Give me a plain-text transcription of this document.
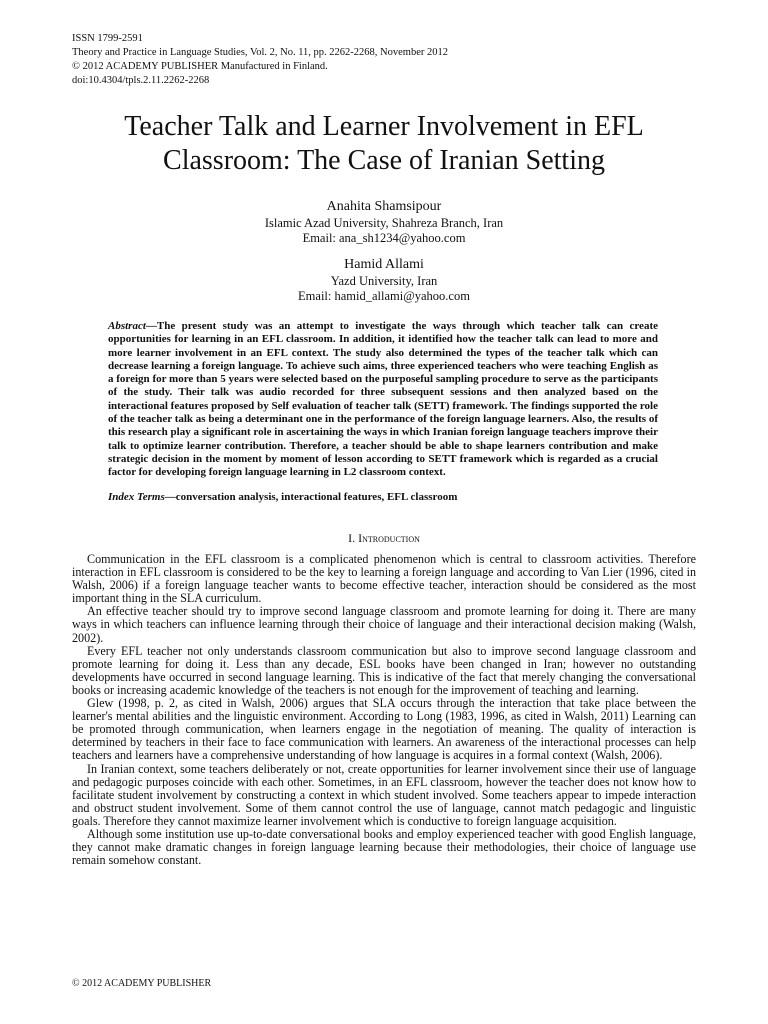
ISSN 1799-2591
Theory and Practice in Language Studies, Vol. 2, No. 11, pp. 2262-2268, November 2012
© 2012 ACADEMY PUBLISHER Manufactured in Finland.
doi:10.4304/tpls.2.11.2262-2268
Teacher Talk and Learner Involvement in EFL
Classroom: The Case of Iranian Setting
Anahita Shamsipour
Islamic Azad University, Shahreza Branch, Iran
Email: ana_sh1234@yahoo.com
Hamid Allami
Yazd University, Iran
Email: hamid_allami@yahoo.com

Abstract—The present study was an attempt to investigate the ways through which teacher talk can create opportunities for learning in an EFL classroom. In addition, it identified how the teacher talk can lead to more and more learner involvement in an EFL context. The study also determined the types of the teacher talk which can decrease learning a foreign language. To achieve such aims, three experienced teachers who were teaching English as a foreign for more than 5 years were selected based on the purposeful sampling procedure to serve as the participants of the study. Their talk was audio recorded for three subsequent sessions and then analyzed based on the interactional features proposed by Self evaluation of teacher talk (SETT) framework. The findings supported the role of the teacher talk as being a determinant one in the performance of the foreign language learners. Also, the results of this research play a significant role in ascertaining the ways in which Iranian foreign language teachers improve their talk to optimize learner contribution. Therefore, a teacher should be able to shape learners contribution and make strategic decision in the moment by moment of lesson according to SETT framework which is regarded as a crucial factor for developing foreign language learning in L2 classroom context.

Index Terms—conversation analysis, interactional features, EFL classroom

I. Introduction

Communication in the EFL classroom is a complicated phenomenon which is central to classroom activities. Therefore interaction in EFL classroom is considered to be the key to learning a foreign language and according to Van Lier (1996, cited in Walsh, 2006) if a foreign language teacher wants to become effective teacher, interaction should be considered as the most important thing in the SLA curriculum.

An effective teacher should try to improve second language classroom and promote learning for doing it. There are many ways in which teachers can influence learning through their choice of language and their interactional decision making (Walsh, 2002).

Every EFL teacher not only understands classroom communication but also to improve second language classroom and promote learning for doing it. Less than any decade, ESL books have been changed in Iran; however no outstanding developments have occurred in second language learning. This is indicative of the fact that merely changing the conversational books or increasing academic knowledge of the teachers is not enough for the improvement of teaching and learning.

Glew (1998, p. 2, as cited in Walsh, 2006) argues that SLA occurs through the interaction that take place between the learner's mental abilities and the linguistic environment. According to Long (1983, 1996, as cited in Walsh, 2011) Learning can be promoted through communication, when learners engage in the negotiation of meaning. The quality of interaction is determined by teachers in their face to face communication with learners. An awareness of the interactional processes can help teachers and learners have a comprehensive understanding of how language is acquires in a formal context (Walsh, 2006).

In Iranian context, some teachers deliberately or not, create opportunities for learner involvement since their use of language and pedagogic purposes coincide with each other. Sometimes, in an EFL classroom, however the teacher does not know how to facilitate student involvement by constructing a context in which student involved. Some teachers appear to impede interaction and obstruct student involvement. Some of them cannot control the use of language, cannot match pedagogic and linguistic goals. Therefore they cannot maximize learner involvement which is conductive to foreign language acquisition.

Although some institution use up-to-date conversational books and employ experienced teacher with good English language, they cannot make dramatic changes in foreign language learning because their methodologies, their choice of language use remain somehow constant.

© 2012 ACADEMY PUBLISHER
